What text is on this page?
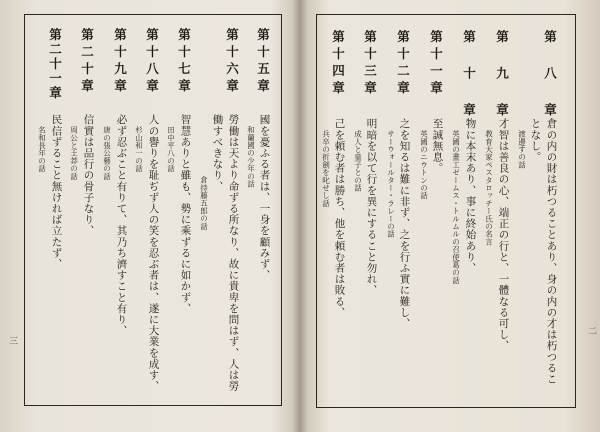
三
二
第 八 章
倉の内の財は朽つることあり、身の内の才は朽つるこ
となし。
渡邊すの話
第 九 章
才智は善良の心、端正の行と、一體なる可し、
教育大家ペスタロッチー氏の名言
第 十 章
物に本末あり、事に終始あり、
英國の畫工ゼームス・トルムルの召使葛の話
第十一章
至誠無息。
英國のニウトンの話
第十二章
之を知るは難に非ず、之を行ふ實に難し、
サーウォールター・ラレーの話
第十三章
明暗を以て行を異にすること勿れ、
成人と童子との話
第十四章
己を頼む者は勝ち、他を頼む者は敗る、
兵卒の折劍を叱せし話
第十五章
國を憂ふる者は、一身を顧みず、
和蘭國の少年の話
第十六章
勞働は天より命ずる所なり、故に貴卑を問はず、人は勞
働すべきなり、
倉持藤五郎の話
第十七章
智慧ありと雖も、勢に乘ずるに如かず、
田中平八の話
第十八章
人の譽りを耻ぢず人の笑を忍ぶ者は、遂に大業を成す、
杉山和一の話
第十九章
必ず忍ぶこと有りて、其乃ち濟すこと有り、
唐の張公藝の話
第二十章
信實は品行の骨子なり、
周公と王莽の話
第二十一章
民信ずること無ければ立たず、
名和長年の話
